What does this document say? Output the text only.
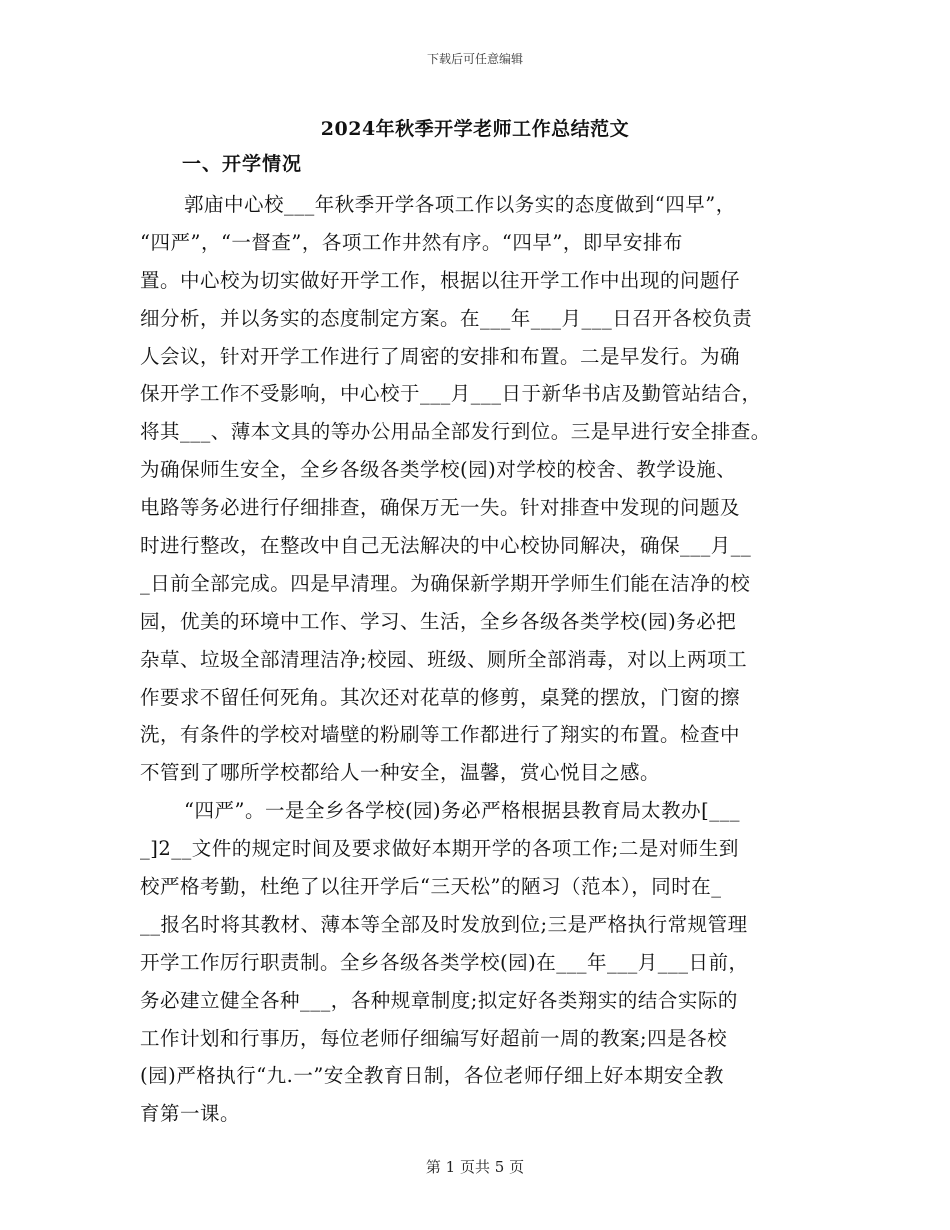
下载后可任意编辑
2024年秋季开学老师工作总结范文
一、开学情况
郭庙中心校___年秋季开学各项工作以务实的态度做到“四早”，
“四严”，“一督查”，各项工作井然有序。“四早”，即早安排布
置。中心校为切实做好开学工作，根据以往开学工作中出现的问题仔
细分析，并以务实的态度制定方案。在___年___月___日召开各校负责
人会议，针对开学工作进行了周密的安排和布置。二是早发行。为确
保开学工作不受影响，中心校于___月___日于新华书店及勤管站结合，
将其___、薄本文具的等办公用品全部发行到位。三是早进行安全排查。
为确保师生安全，全乡各级各类学校(园)对学校的校舍、教学设施、
电路等务必进行仔细排查，确保万无一失。针对排查中发现的问题及
时进行整改，在整改中自己无法解决的中心校协同解决，确保___月__
_日前全部完成。四是早清理。为确保新学期开学师生们能在洁净的校
园，优美的环境中工作、学习、生活，全乡各级各类学校(园)务必把
杂草、垃圾全部清理洁净;校园、班级、厕所全部消毒，对以上两项工
作要求不留任何死角。其次还对花草的修剪，桌凳的摆放，门窗的擦
洗，有条件的学校对墙壁的粉刷等工作都进行了翔实的布置。检查中
不管到了哪所学校都给人一种安全，温馨，赏心悦目之感。
“四严”。一是全乡各学校(园)务必严格根据县教育局太教办[___
_]2__文件的规定时间及要求做好本期开学的各项工作;二是对师生到
校严格考勤，杜绝了以往开学后“三天松”的陋习（范本），同时在_
__报名时将其教材、薄本等全部及时发放到位;三是严格执行常规管理
开学工作厉行职责制。全乡各级各类学校(园)在___年___月___日前，
务必建立健全各种___，各种规章制度;拟定好各类翔实的结合实际的
工作计划和行事历，每位老师仔细编写好超前一周的教案;四是各校
(园)严格执行“九.一”安全教育日制，各位老师仔细上好本期安全教
育第一课。
第 1 页共 5 页
